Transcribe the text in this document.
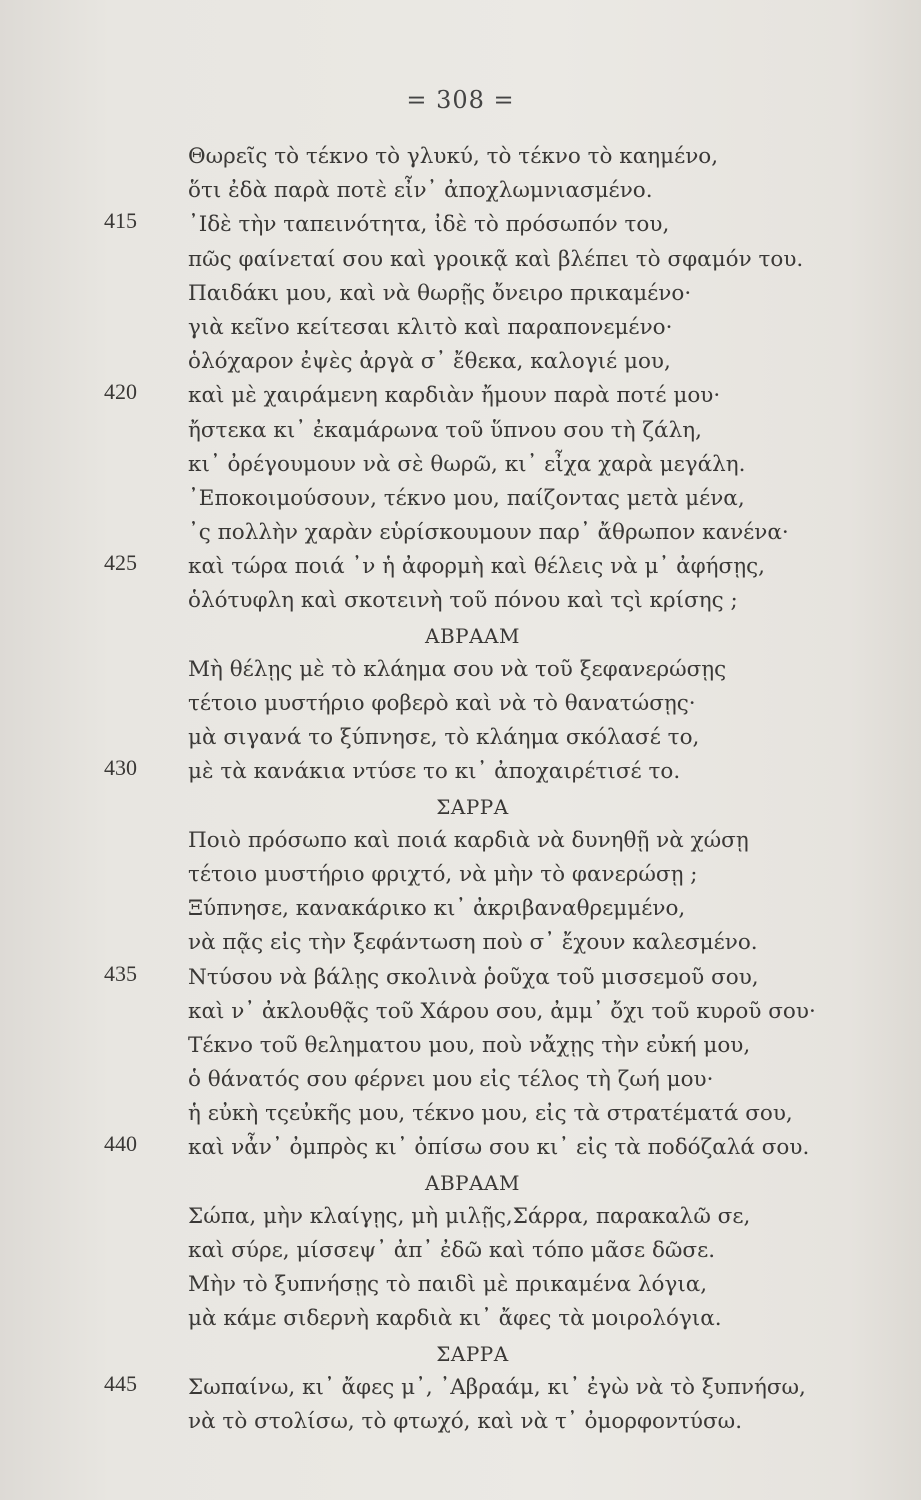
= 308 =
Θωρεῖς τὸ τέκνο τὸ γλυκύ, τὸ τέκνο τὸ καημένο,
ὅτι ἐδὰ παρὰ ποτὲ εἶν᾽ ἀποχλωμνιασμένο.
415 ᾽Ιδὲ τὴν ταπεινότητα, ἰδὲ τὸ πρόσωπόν του,
πῶς φαίνεταί σου καὶ γροικᾷ καὶ βλέπει τὸ σφαμόν του.
Παιδάκι μου, καὶ νὰ θωρῇς ὄνειρο πρικαμένο·
γιὰ κεῖνο κείτεσαι κλιτὸ καὶ παραπονεμένο·
ὁλόχαρον ἐψὲς ἀργὰ σ᾽ ἔθεκα, καλογιέ μου,
420 καὶ μὲ χαιράμενη καρδιὰν ἤμουν παρὰ ποτέ μου·
ἤστεκα κι᾽ ἐκαμάρωνα τοῦ ὕπνου σου τὴ ζάλη,
κι᾽ ὀρέγουμουν νὰ σὲ θωρῶ, κι᾽ εἶχα χαρὰ μεγάλη.
᾽Εποκοιμούσουν, τέκνο μου, παίζοντας μετὰ μένα,
᾽ς πολλὴν χαρὰν εὑρίσκουμουν παρ᾽ ἄθρωπον κανένα·
425 καὶ τώρα ποιά ᾽ν ἡ ἀφορμὴ καὶ θέλεις νὰ μ᾽ ἀφήσῃς,
ὁλότυφλη καὶ σκοτεινὴ τοῦ πόνου καὶ τςὶ κρίσης ;
ΑΒΡΑΑΜ
Μὴ θέλῃς μὲ τὸ κλάημα σου νὰ τοῦ ξεφανερώσῃς
τέτοιο μυστήριο φοβερὸ καὶ νὰ τὸ θανατώσῃς·
μὰ σιγανά το ξύπνησε, τὸ κλάημα σκόλασέ το,
430 μὲ τὰ κανάκια ντύσε το κι᾽ ἀποχαιρέτισέ το.
ΣΑΡΡΑ
Ποιὸ πρόσωπο καὶ ποιά καρδιὰ νὰ δυνηθῇ νὰ χώσῃ
τέτοιο μυστήριο φριχτό, νὰ μὴν τὸ φανερώσῃ ;
Ξύπνησε, κανακάρικο κι᾽ ἀκριβαναθρεμμένο,
νὰ πᾷς εἰς τὴν ξεφάντωση ποὺ σ᾽ ἔχουν καλεσμένο.
435 Ντύσου νὰ βάλῃς σκολινὰ ῥοῦχα τοῦ μισσεμοῦ σου,
καὶ ν᾽ ἀκλουθᾷς τοῦ Χάρου σου, ἀμμ᾽ ὄχι τοῦ κυροῦ σου·
Τέκνο τοῦ θεληματου μου, ποὺ νἄχῃς τὴν εὐκή μου,
ὁ θάνατός σου φέρνει μου εἰς τέλος τὴ ζωή μου·
ἡ εὐκὴ τςεὐκῆς μου, τέκνο μου, εἰς τὰ στρατέματά σου,
440 καὶ νἆν᾽ ὀμπρὸς κι᾽ ὀπίσω σου κι᾽ εἰς τὰ ποδόζαλά σου.
ΑΒΡΑΑΜ
Σώπα, μὴν κλαίγῃς, μὴ μιλῇς,Σάρρα, παρακαλῶ σε,
καὶ σύρε, μίσσεψ᾽ ἀπ᾽ ἐδῶ καὶ τόπο μᾶσε δῶσε.
Μὴν τὸ ξυπνήσῃς τὸ παιδὶ μὲ πρικαμένα λόγια,
μὰ κάμε σιδερνὴ καρδιὰ κι᾽ ἄφες τὰ μοιρολόγια.
ΣΑΡΡΑ
445 Σωπαίνω, κι᾽ ἄφες μ᾽, ᾽Αβραάμ, κι᾽ ἐγὼ νὰ τὸ ξυπνήσω,
νὰ τὸ στολίσω, τὸ φτωχό, καὶ νὰ τ᾽ ὀμορφοντύσω.
